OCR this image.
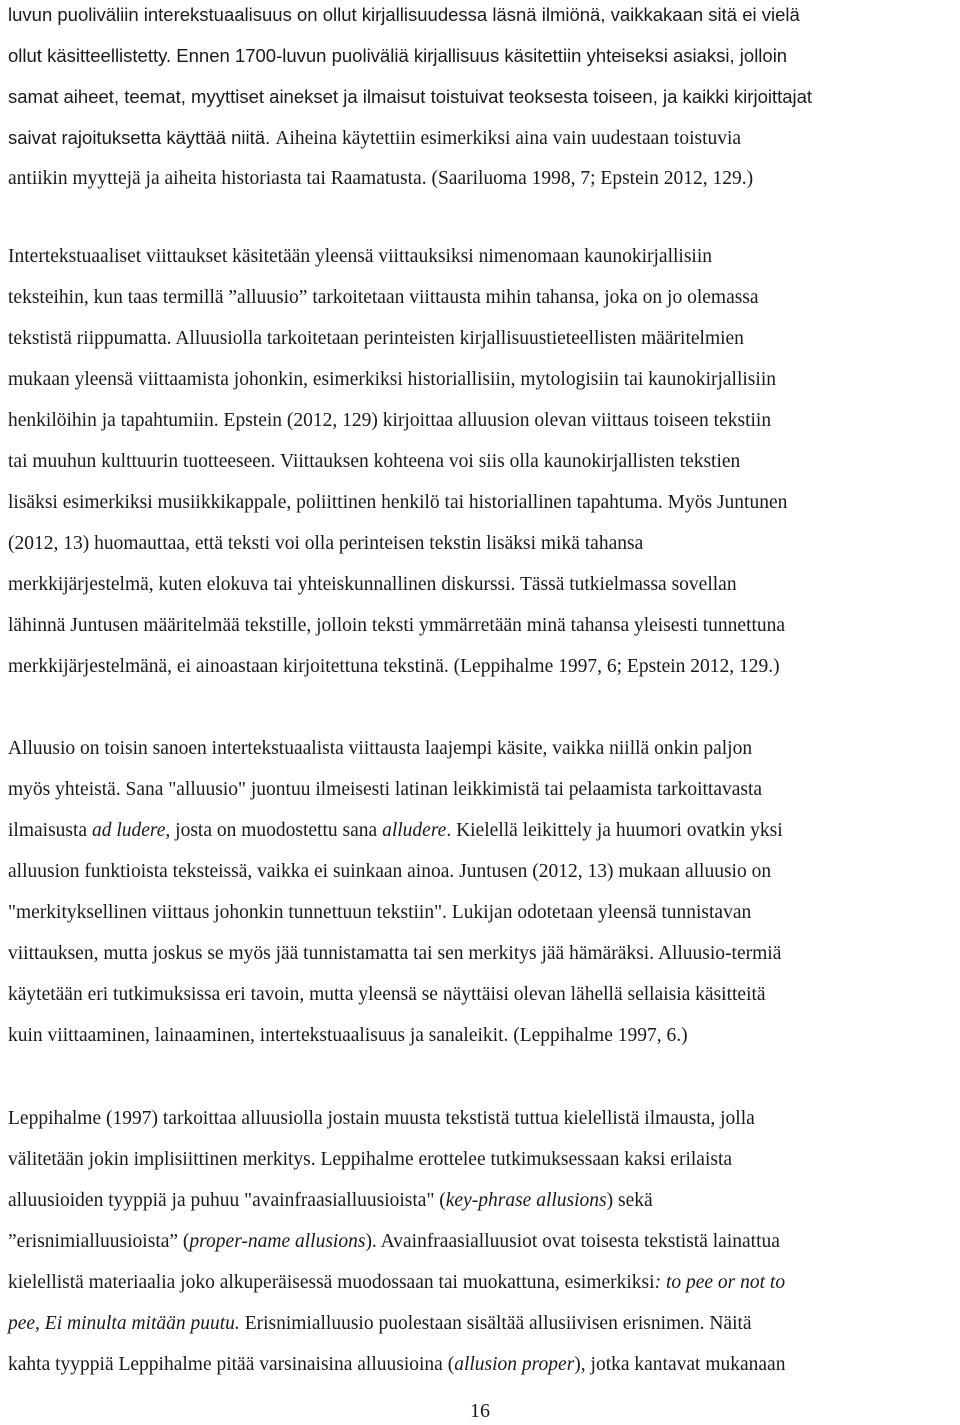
luvun puoliväliin interekstuaalisuus on ollut kirjallisuudessa läsnä ilmiönä, vaikkakaan sitä ei vielä
ollut käsitteellistetty. Ennen 1700-luvun puoliväliä kirjallisuus käsitettiin yhteiseksi asiaksi, jolloin
samat aiheet, teemat, myyttiset ainekset ja ilmaisut toistuivat teoksesta toiseen, ja kaikki kirjoittajat
saivat rajoituksetta käyttää niitä. Aiheina käytettiin esimerkiksi aina vain uudestaan toistuvia
antiikin myyttejä ja aiheita historiasta tai Raamatusta. (Saariluoma 1998, 7; Epstein 2012, 129.)
Intertekstuaaliset viittaukset käsitetään yleensä viittauksiksi nimenomaan kaunokirjallisiin
teksteihin, kun taas termillä ”alluusio” tarkoitetaan viittausta mihin tahansa, joka on jo olemassa
tekstistä riippumatta. Alluusiolla tarkoitetaan perinteisten kirjallisuustieteellisten määritelmien
mukaan yleensä viittaamista johonkin, esimerkiksi historiallisiin, mytologisiin tai kaunokirjallisiin
henkilöihin ja tapahtumiin. Epstein (2012, 129) kirjoittaa alluusion olevan viittaus toiseen tekstiin
tai muuhun kulttuurin tuotteeseen. Viittauksen kohteena voi siis olla kaunokirjallisten tekstien
lisäksi esimerkiksi musiikkikappale, poliittinen henkilö tai historiallinen tapahtuma. Myös Juntunen
(2012, 13) huomauttaa, että teksti voi olla perinteisen tekstin lisäksi mikä tahansa
merkkijärjestelmä, kuten elokuva tai yhteiskunnallinen diskurssi. Tässä tutkielmassa sovellan
lähinnä Juntusen määritelmää tekstille, jolloin teksti ymmärretään minä tahansa yleisesti tunnettuna
merkkijärjestelmänä, ei ainoastaan kirjoitettuna tekstinä. (Leppihalme 1997, 6; Epstein 2012, 129.)
Alluusio on toisin sanoen intertekstuaalista viittausta laajempi käsite, vaikka niillä onkin paljon
myös yhteistä. Sana "alluusio" juontuu ilmeisesti latinan leikkimistä tai pelaamista tarkoittavasta
ilmaisusta ad ludere, josta on muodostettu sana alludere. Kielellä leikittely ja huumori ovatkin yksi
alluusion funktioista teksteissä, vaikka ei suinkaan ainoa. Juntusen (2012, 13) mukaan alluusio on
"merkityksellinen viittaus johonkin tunnettuun tekstiin". Lukijan odotetaan yleensä tunnistavan
viittauksen, mutta joskus se myös jää tunnistamatta tai sen merkitys jää hämäräksi. Alluusio-termiä
käytetään eri tutkimuksissa eri tavoin, mutta yleensä se näyttäisi olevan lähellä sellaisia käsitteitä
kuin viittaaminen, lainaaminen, intertekstuaalisuus ja sanaleikit. (Leppihalme 1997, 6.)
Leppihalme (1997) tarkoittaa alluusiolla jostain muusta tekstistä tuttua kielellistä ilmausta, jolla
välitetään jokin implisiittinen merkitys. Leppihalme erottelee tutkimuksessaan kaksi erilaista
alluusioiden tyyppiä ja puhuu "avainfraasialluusioista" (key-phrase allusions) sekä
”erisnimialluusioista” (proper-name allusions). Avainfraasialluusiot ovat toisesta tekstistä lainattua
kielellistä materiaalia joko alkuperäisessä muodossaan tai muokattuna, esimerkiksi: to pee or not to
pee, Ei minulta mitään puutu. Erisnimialluusio puolestaan sisältää allusiivisen erisnimen. Näitä
kahta tyyppiä Leppihalme pitää varsinaisina alluusioina (allusion proper), jotka kantavat mukanaan
16
